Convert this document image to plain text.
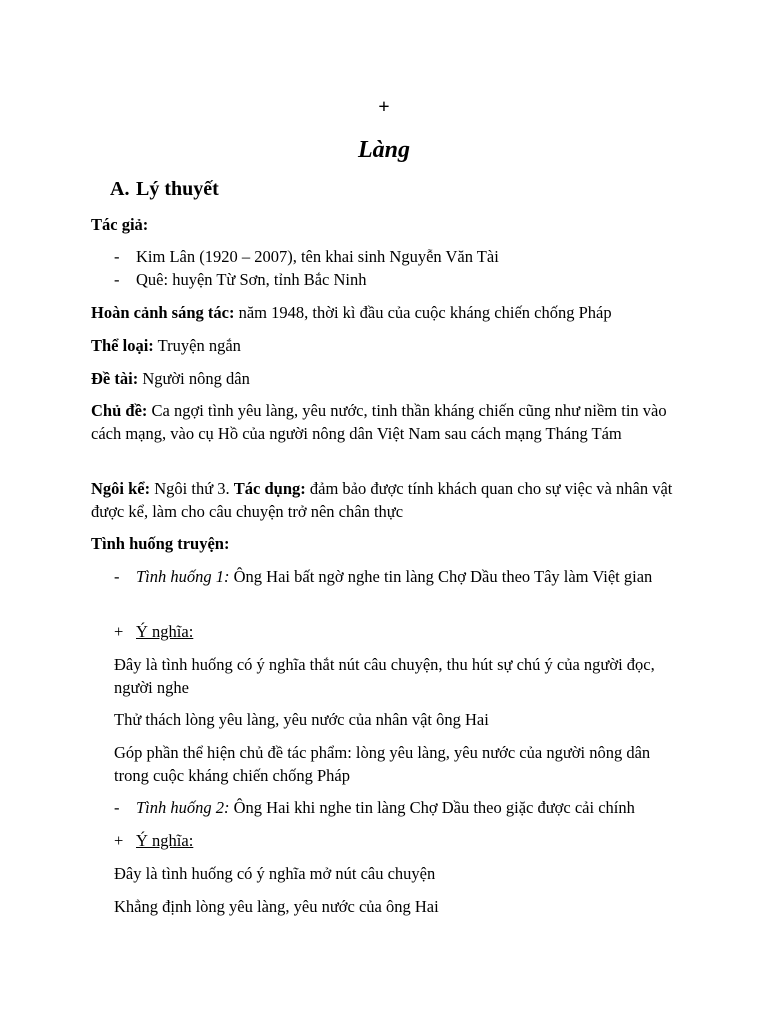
+
Làng
A. Lý thuyết

Tác giả:

-	Kim Lân (1920 – 2007), tên khai sinh Nguyễn Văn Tài
-	Quê: huyện Từ Sơn, tỉnh Bắc Ninh

Hoàn cảnh sáng tác: năm 1948, thời kì đầu của cuộc kháng chiến chống Pháp

Thể loại: Truyện ngắn

Đề tài: Người nông dân

Chủ đề: Ca ngợi tình yêu làng, yêu nước, tinh thần kháng chiến cũng như niềm tin vào cách mạng, vào cụ Hồ của người nông dân Việt Nam sau cách mạng Tháng Tám

Ngôi kể: Ngôi thứ 3. Tác dụng: đảm bảo được tính khách quan cho sự việc và nhân vật được kể, làm cho câu chuyện trở nên chân thực

Tình huống truyện:

-	Tình huống 1: Ông Hai bất ngờ nghe tin làng Chợ Dầu theo Tây làm Việt gian
+ Ý nghĩa:

Đây là tình huống có ý nghĩa thắt nút câu chuyện, thu hút sự chú ý của người đọc, người nghe

Thử thách lòng yêu làng, yêu nước của nhân vật ông Hai

Góp phần thể hiện chủ đề tác phẩm: lòng yêu làng, yêu nước của người nông dân trong cuộc kháng chiến chống Pháp

-	Tình huống 2: Ông Hai khi nghe tin làng Chợ Dầu theo giặc được cải chính
+ Ý nghĩa:

Đây là tình huống có ý nghĩa mở nút câu chuyện

Khẳng định lòng yêu làng, yêu nước của ông Hai
